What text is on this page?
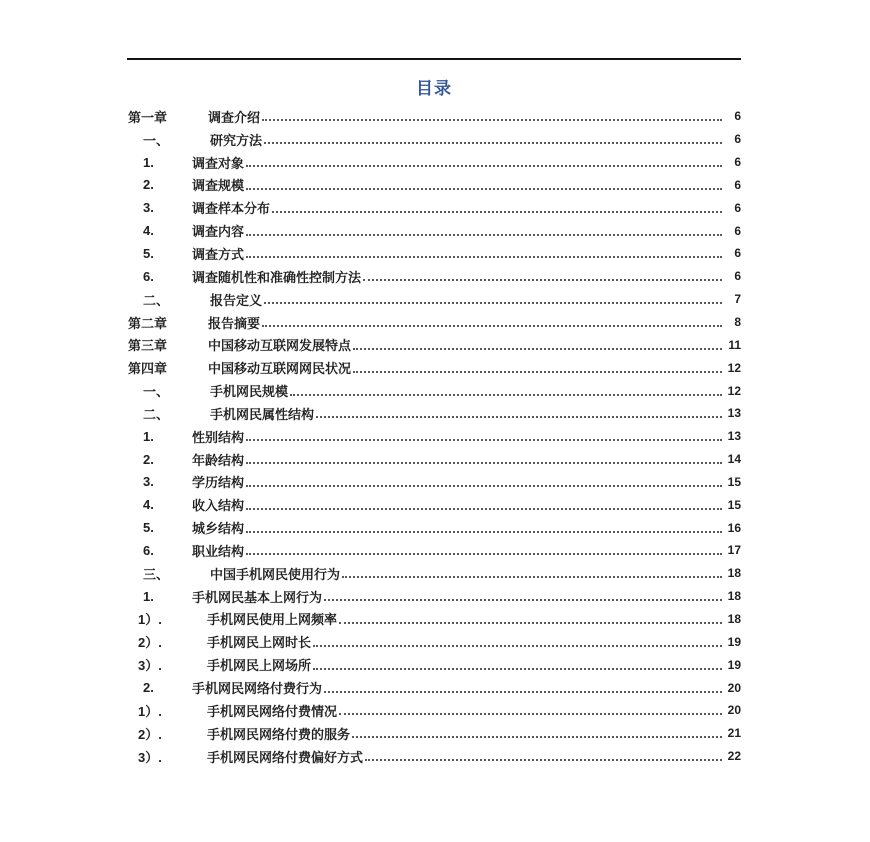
目录
第一章	调查介绍	6
一、	研究方法	6
1.	调查对象	6
2.	调查规模	6
3.	调查样本分布	6
4.	调查内容	6
5.	调查方式	6
6.	调查随机性和准确性控制方法	6
二、	报告定义	7
第二章	报告摘要	8
第三章	中国移动互联网发展特点	11
第四章	中国移动互联网网民状况	12
一、	手机网民规模	12
二、	手机网民属性结构	13
1.	性别结构	13
2.	年龄结构	14
3.	学历结构	15
4.	收入结构	15
5.	城乡结构	16
6.	职业结构	17
三、	中国手机网民使用行为	18
1.	手机网民基本上网行为	18
1）.	手机网民使用上网频率	18
2）.	手机网民上网时长	19
3）.	手机网民上网场所	19
2.	手机网民网络付费行为	20
1）.	手机网民网络付费情况	20
2）.	手机网民网络付费的服务	21
3）.	手机网民网络付费偏好方式	22
